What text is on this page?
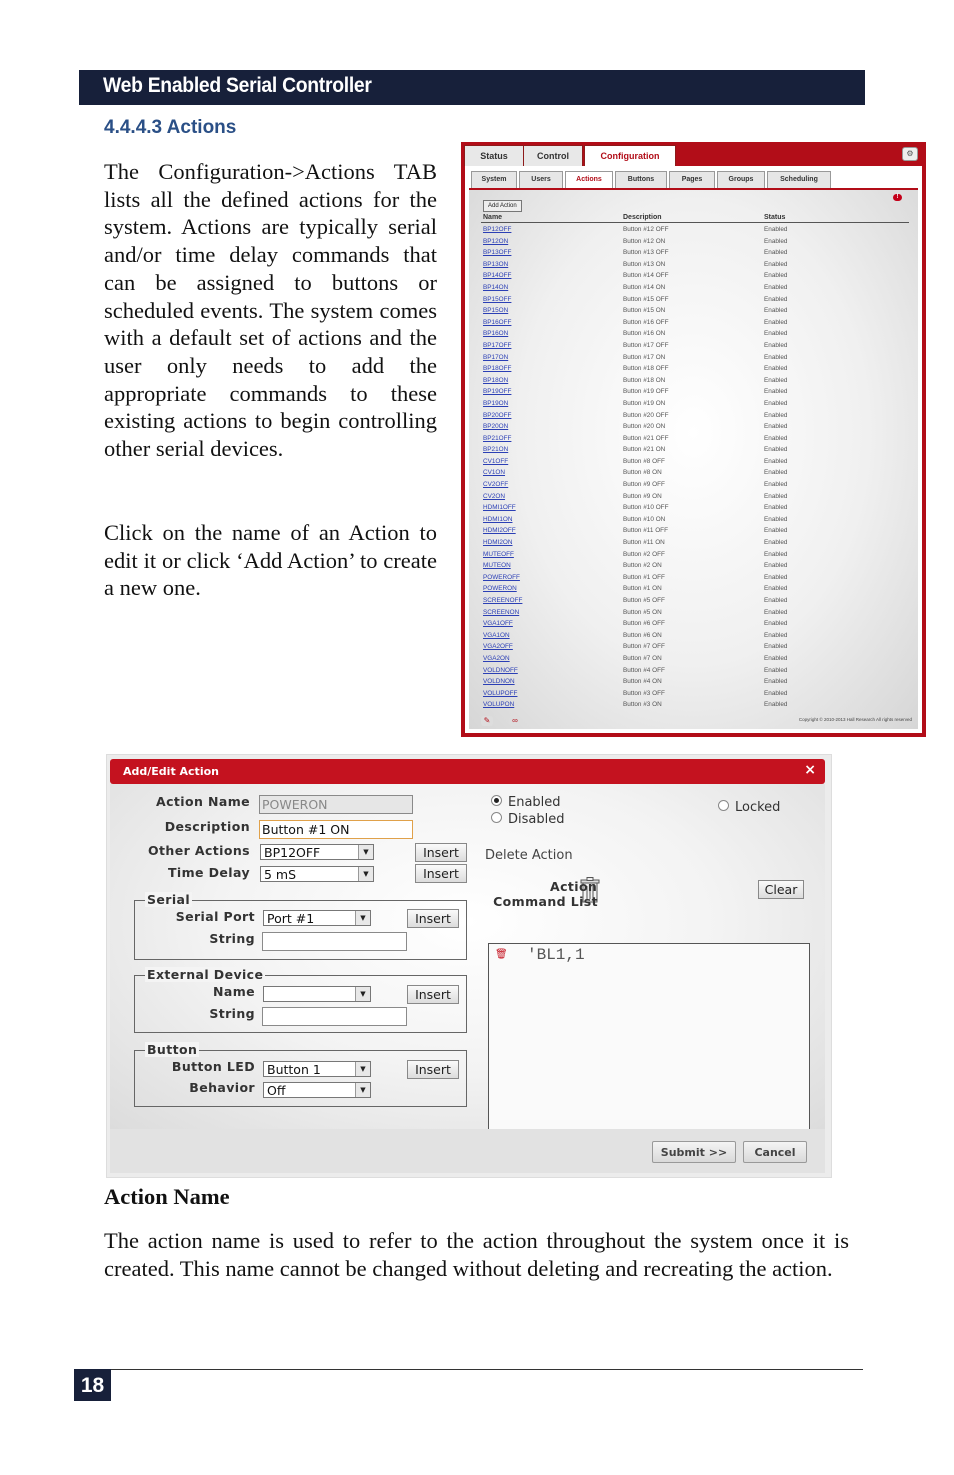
Web Enabled Serial Controller
4.4.4.3 Actions

The Configuration->Actions TAB lists all the defined actions for the system. Actions are typically serial and/or time delay commands that can be assigned to buttons or scheduled events. The system comes with a default set of actions and the user only needs to add the appropriate commands to these existing actions to begin controlling other serial devices.

Click on the name of an Action to edit it or click ‘Add Action’ to create a new one.

Status	Control	Configuration	⚙
System	Users	Actions	Buttons	Pages	Groups	Scheduling
!
Add Action
Name	Description	Status
BP12OFF	Button #12 OFF	Enabled
BP12ON	Button #12 ON	Enabled
BP13OFF	Button #13 OFF	Enabled
BP13ON	Button #13 ON	Enabled
BP14OFF	Button #14 OFF	Enabled
BP14ON	Button #14 ON	Enabled
BP15OFF	Button #15 OFF	Enabled
BP15ON	Button #15 ON	Enabled
BP16OFF	Button #16 OFF	Enabled
BP16ON	Button #16 ON	Enabled
BP17OFF	Button #17 OFF	Enabled
BP17ON	Button #17 ON	Enabled
BP18OFF	Button #18 OFF	Enabled
BP18ON	Button #18 ON	Enabled
BP19OFF	Button #19 OFF	Enabled
BP19ON	Button #19 ON	Enabled
BP20OFF	Button #20 OFF	Enabled
BP20ON	Button #20 ON	Enabled
BP21OFF	Button #21 OFF	Enabled
BP21ON	Button #21 ON	Enabled
CV1OFF	Button #8 OFF	Enabled
CV1ON	Button #8 ON	Enabled
CV2OFF	Button #9 OFF	Enabled
CV2ON	Button #9 ON	Enabled
HDMI1OFF	Button #10 OFF	Enabled
HDMI1ON	Button #10 ON	Enabled
HDMI2OFF	Button #11 OFF	Enabled
HDMI2ON	Button #11 ON	Enabled
MUTEOFF	Button #2 OFF	Enabled
MUTEON	Button #2 ON	Enabled
POWEROFF	Button #1 OFF	Enabled
POWERON	Button #1 ON	Enabled
SCREENOFF	Button #5 OFF	Enabled
SCREENON	Button #5 ON	Enabled
VGA1OFF	Button #6 OFF	Enabled
VGA1ON	Button #6 ON	Enabled
VGA2OFF	Button #7 OFF	Enabled
VGA2ON	Button #7 ON	Enabled
VOLDNOFF	Button #4 OFF	Enabled
VOLDNON	Button #4 ON	Enabled
VOLUPOFF	Button #3 OFF	Enabled
VOLUPON	Button #3 ON	Enabled
✎	∞	Copyright © 2010-2013 Hall Research All rights reserved
Add/Edit Action	×
Action Name POWERON
Description Button #1 ON
Other Actions	BP12OFF	▼	Insert
Time Delay	5 mS	▼	Insert
Serial
Serial Port Port #1	▼	Insert
String
External Device
Name	▼	Insert
String
Button
Button LED Button 1	▼	Insert
Behavior Off	▼
Enabled
Disabled
Locked
Delete Action
Action
Command List
Clear
🗑 'BL1,1
Submit >>	Cancel
Action Name

The action name is used to refer to the action throughout the system once it is created. This name cannot be changed without deleting and recreating the action.

18
